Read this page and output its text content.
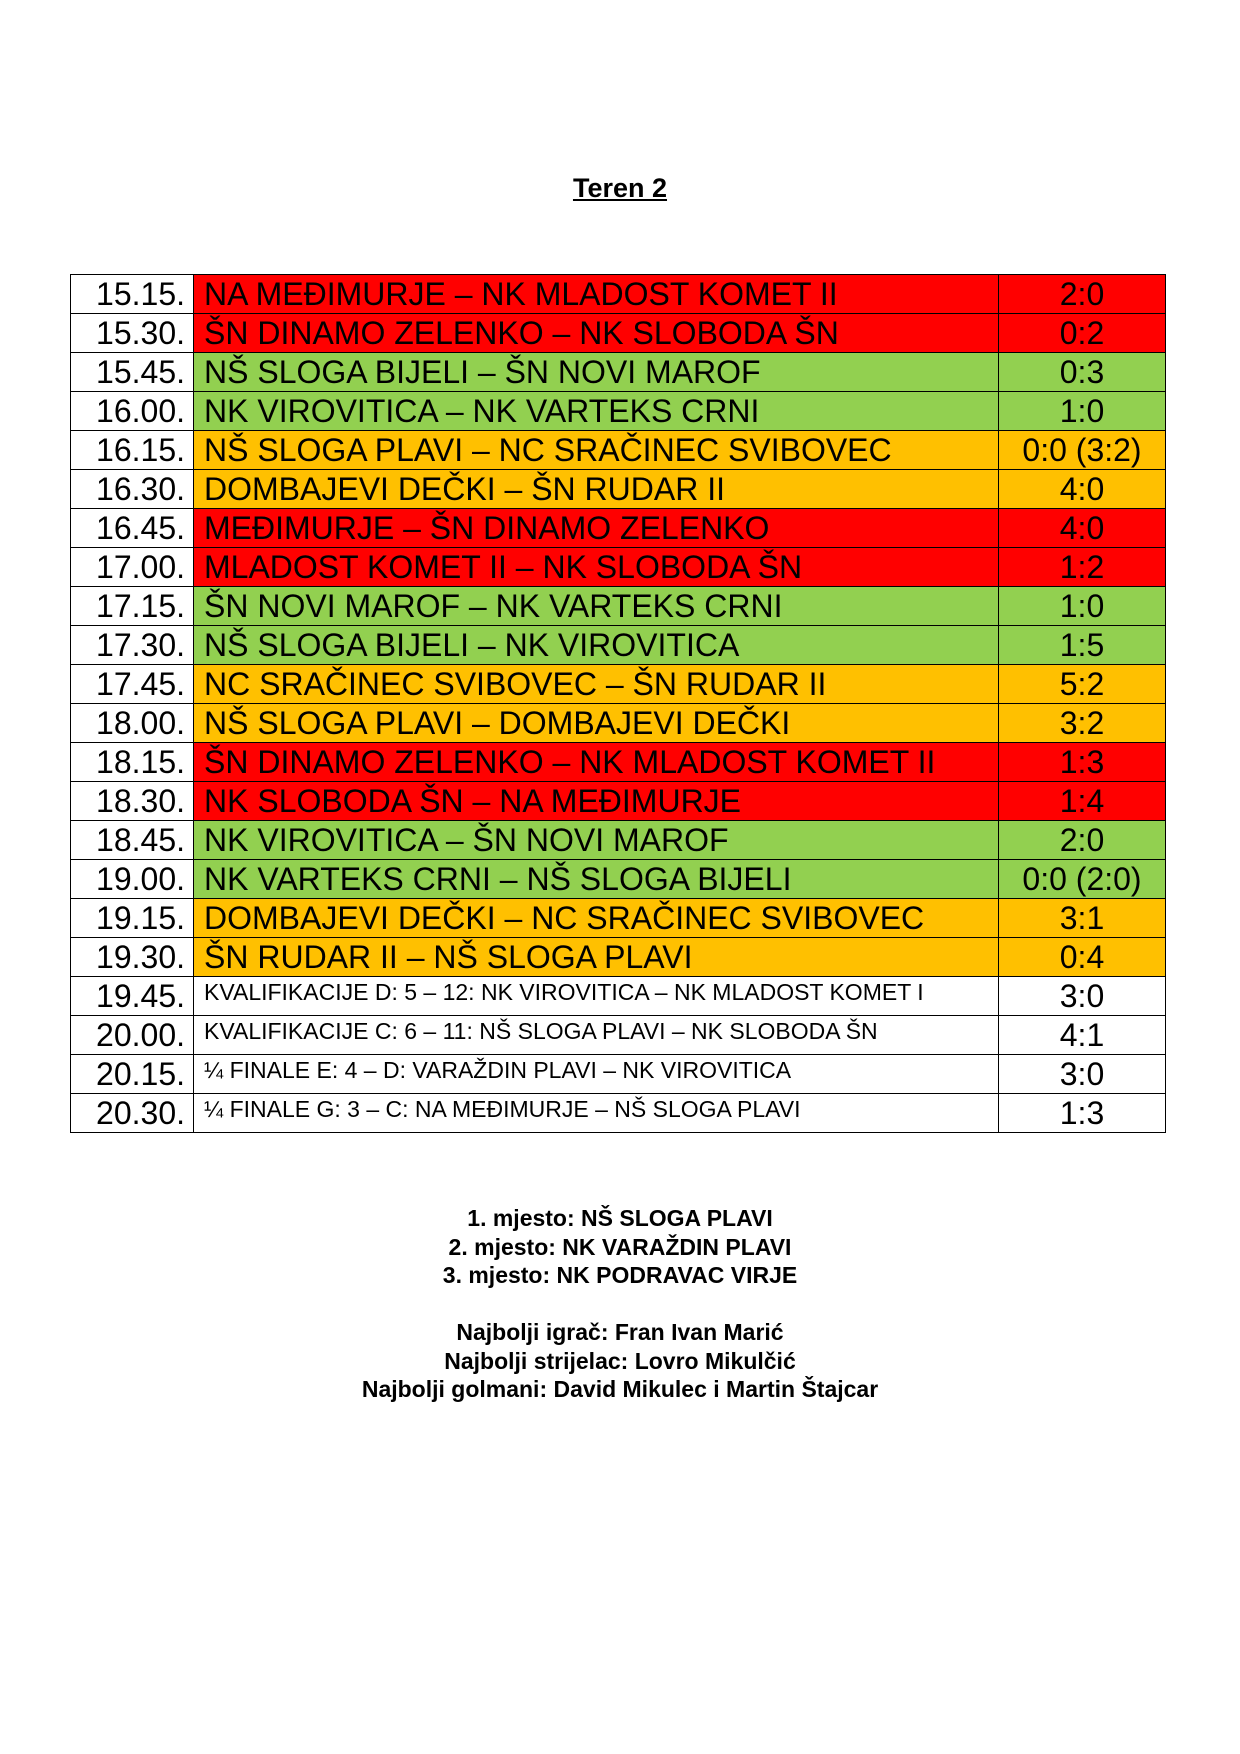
Teren 2
15.15.	NA MEĐIMURJE – NK MLADOST KOMET II	2:0
15.30.	ŠN DINAMO ZELENKO – NK SLOBODA ŠN	0:2
15.45.	NŠ SLOGA BIJELI – ŠN NOVI MAROF	0:3
16.00.	NK VIROVITICA – NK VARTEKS CRNI	1:0
16.15.	NŠ SLOGA PLAVI – NC SRAČINEC SVIBOVEC	0:0 (3:2)
16.30.	DOMBAJEVI DEČKI – ŠN RUDAR II	4:0
16.45.	MEĐIMURJE – ŠN DINAMO ZELENKO	4:0
17.00.	MLADOST KOMET II – NK SLOBODA ŠN	1:2
17.15.	ŠN NOVI MAROF – NK VARTEKS CRNI	1:0
17.30.	NŠ SLOGA BIJELI – NK VIROVITICA	1:5
17.45.	NC SRAČINEC SVIBOVEC – ŠN RUDAR II	5:2
18.00.	NŠ SLOGA PLAVI – DOMBAJEVI DEČKI	3:2
18.15.	ŠN DINAMO ZELENKO – NK MLADOST KOMET II	1:3
18.30.	NK SLOBODA ŠN – NA MEĐIMURJE	1:4
18.45.	NK VIROVITICA – ŠN NOVI MAROF	2:0
19.00.	NK VARTEKS CRNI – NŠ SLOGA BIJELI	0:0 (2:0)
19.15.	DOMBAJEVI DEČKI – NC SRAČINEC SVIBOVEC	3:1
19.30.	ŠN RUDAR II – NŠ SLOGA PLAVI	0:4
19.45.	KVALIFIKACIJE D: 5 – 12: NK VIROVITICA – NK MLADOST KOMET I	3:0
20.00.	KVALIFIKACIJE C: 6 – 11: NŠ SLOGA PLAVI – NK SLOBODA ŠN	4:1
20.15.	¼ FINALE E: 4 – D: VARAŽDIN PLAVI – NK VIROVITICA	3:0
20.30.	¼ FINALE G: 3 – C: NA MEĐIMURJE – NŠ SLOGA PLAVI	1:3
1. mjesto: NŠ SLOGA PLAVI
2. mjesto: NK VARAŽDIN PLAVI
3. mjesto: NK PODRAVAC VIRJE
Najbolji igrač: Fran Ivan Marić
Najbolji strijelac: Lovro Mikulčić
Najbolji golmani: David Mikulec i Martin Štajcar
